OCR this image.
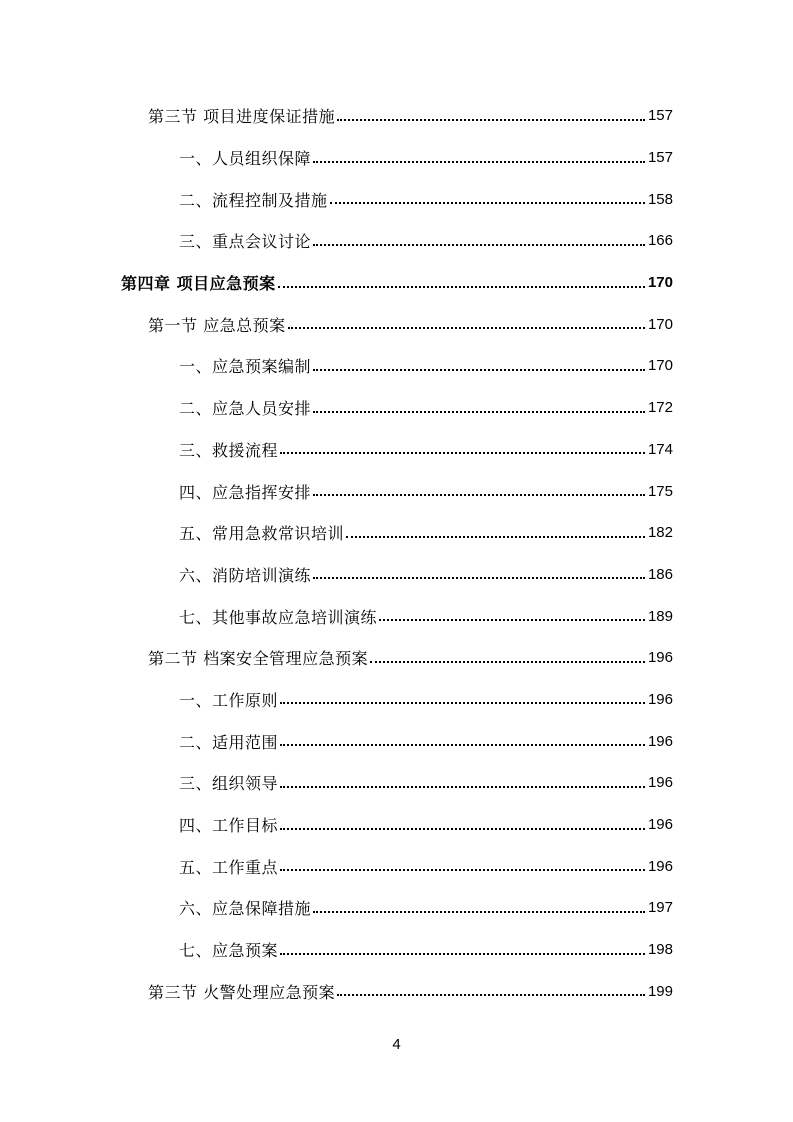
第三节 项目进度保证措施	157
一、人员组织保障	157
二、流程控制及措施	158
三、重点会议讨论	166
第四章 项目应急预案	170
第一节 应急总预案	170
一、应急预案编制	170
二、应急人员安排	172
三、救援流程	174
四、应急指挥安排	175
五、常用急救常识培训	182
六、消防培训演练	186
七、其他事故应急培训演练	189
第二节 档案安全管理应急预案	196
一、工作原则	196
二、适用范围	196
三、组织领导	196
四、工作目标	196
五、工作重点	196
六、应急保障措施	197
七、应急预案	198
第三节 火警处理应急预案	199
4
